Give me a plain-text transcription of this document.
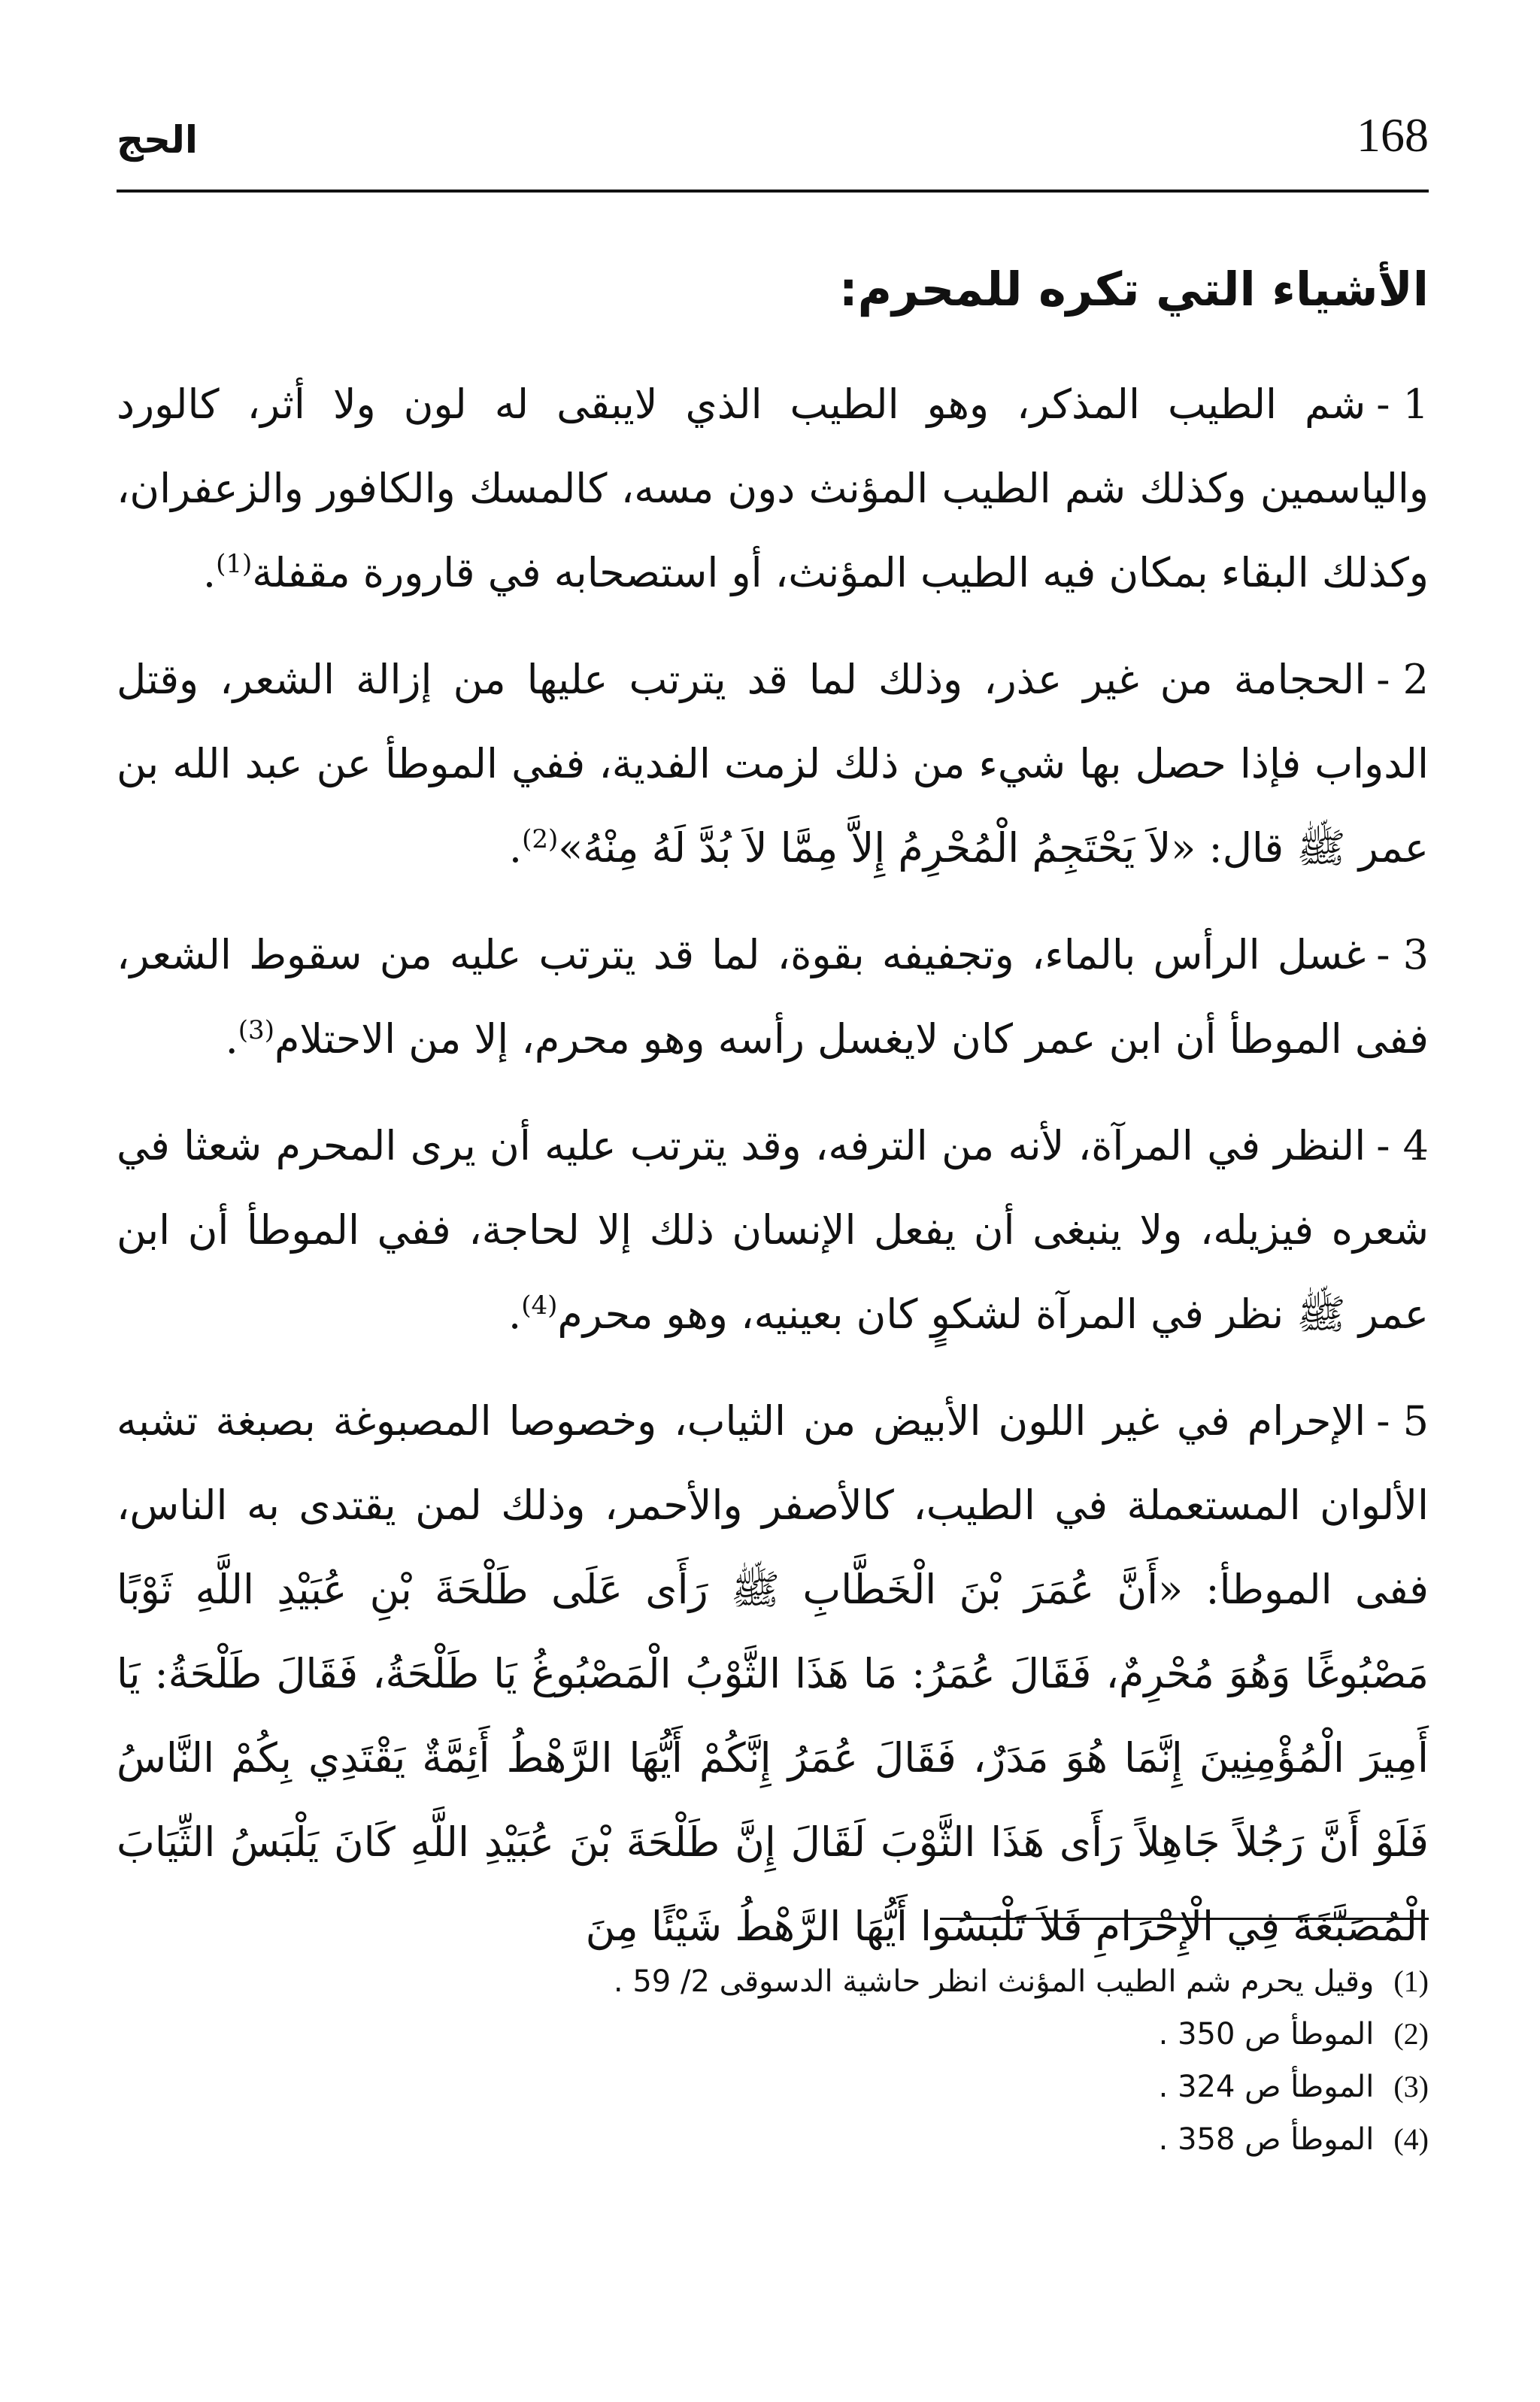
168
الحج
الأشياء التي تكره للمحرم:

1 -شم الطيب المذكر، وهو الطيب الذي لايبقى له لون ولا أثر، كالورد والياسمين وكذلك شم الطيب المؤنث دون مسه، كالمسك والكافور والزعفران، وكذلك البقاء بمكان فيه الطيب المؤنث، أو استصحابه في قارورة مقفلة$^{(1)}$.

2 -الحجامة من غير عذر، وذلك لما قد يترتب عليها من إزالة الشعر، وقتل الدواب فإذا حصل بها شيء من ذلك لزمت الفدية، ففي الموطأ عن عبد الله بن عمر ﷺ قال: «لاَ يَحْتَجِمُ الْمُحْرِمُ إِلاَّ مِمَّا لاَ بُدَّ لَهُ مِنْهُ»$^{(2)}$.

3 -غسل الرأس بالماء، وتجفيفه بقوة، لما قد يترتب عليه من سقوط الشعر، ففى الموطأ أن ابن عمر كان لايغسل رأسه وهو محرم، إلا من الاحتلام$^{(3)}$.

4 -النظر في المرآة، لأنه من الترفه، وقد يترتب عليه أن يرى المحرم شعثا في شعره فيزيله، ولا ينبغى أن يفعل الإنسان ذلك إلا لحاجة، ففي الموطأ أن ابن عمر ﷺ نظر في المرآة لشكوٍ كان بعينيه، وهو محرم$^{(4)}$.

5 -الإحرام في غير اللون الأبيض من الثياب، وخصوصا المصبوغة بصبغة تشبه الألوان المستعملة في الطيب، كالأصفر والأحمر، وذلك لمن يقتدى به الناس، ففى الموطأ: «أَنَّ عُمَرَ بْنَ الْخَطَّابِ ﷺ رَأَى عَلَى طَلْحَةَ بْنِ عُبَيْدِ اللَّهِ ثَوْبًا مَصْبُوغًا وَهُوَ مُحْرِمٌ، فَقَالَ عُمَرُ: مَا هَذَا الثَّوْبُ الْمَصْبُوغُ يَا طَلْحَةُ، فَقَالَ طَلْحَةُ: يَا أَمِيرَ الْمُؤْمِنِينَ إِنَّمَا هُوَ مَدَرٌ، فَقَالَ عُمَرُ إِنَّكُمْ أَيُّهَا الرَّهْطُ أَئِمَّةٌ يَقْتَدِي بِكُمْ النَّاسُ فَلَوْ أَنَّ رَجُلاً جَاهِلاً رَأَى هَذَا الثَّوْبَ لَقَالَ إِنَّ طَلْحَةَ بْنَ عُبَيْدِ اللَّهِ كَانَ يَلْبَسُ الثِّيَابَ الْمُصَبَّغَةَ فِي الْإِحْرَامِ فَلاَ تَلْبَسُوا أَيُّهَا الرَّهْطُ شَيْئًا مِنَ

(1)وقيل يحرم شم الطيب المؤنث انظر حاشية الدسوقى 2/ 59 .
(2)الموطأ ص 350 .
(3)الموطأ ص 324 .
(4)الموطأ ص 358 .
